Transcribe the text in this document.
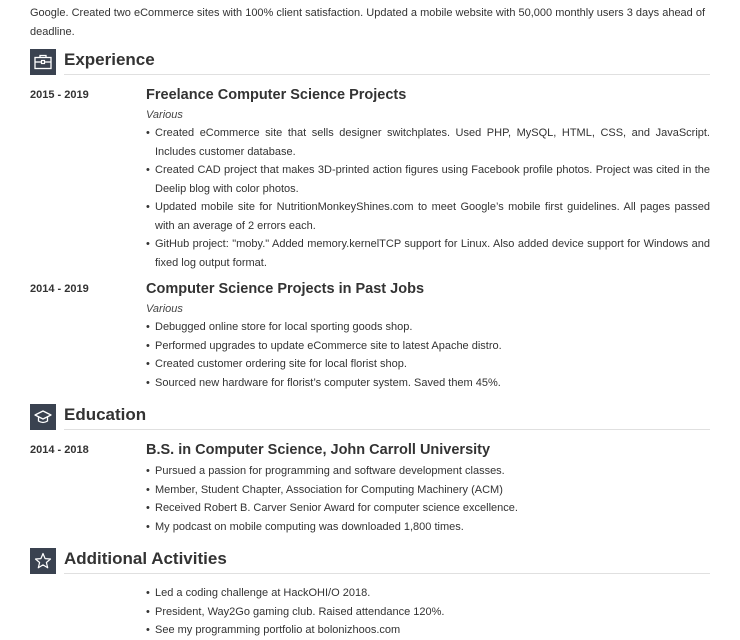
Google. Created two eCommerce sites with 100% client satisfaction. Updated a mobile website with 50,000 monthly users 3 days ahead of deadline.
Experience
2015 - 2019	Freelance Computer Science Projects
Various
• Created eCommerce site that sells designer switchplates. Used PHP, MySQL, HTML, CSS, and JavaScript. Includes customer database.
• Created CAD project that makes 3D-printed action figures using Facebook profile photos. Project was cited in the Deelip blog with color photos.
• Updated mobile site for NutritionMonkeyShines.com to meet Google’s mobile first guidelines. All pages passed with an average of 2 errors each.
• GitHub project: "moby." Added memory.kernelTCP support for Linux. Also added device support for Windows and fixed log output format.
2014 - 2019	Computer Science Projects in Past Jobs
Various
• Debugged online store for local sporting goods shop.
• Performed upgrades to update eCommerce site to latest Apache distro.
• Created customer ordering site for local florist shop.
• Sourced new hardware for florist’s computer system. Saved them 45%.
Education
2014 - 2018	B.S. in Computer Science, John Carroll University
• Pursued a passion for programming and software development classes.
• Member, Student Chapter, Association for Computing Machinery (ACM)
• Received Robert B. Carver Senior Award for computer science excellence.
• My podcast on mobile computing was downloaded 1,800 times.
Additional Activities
• Led a coding challenge at HackOHI/O 2018.
• President, Way2Go gaming club. Raised attendance 120%.
• See my programming portfolio at bolonizhoos.com
